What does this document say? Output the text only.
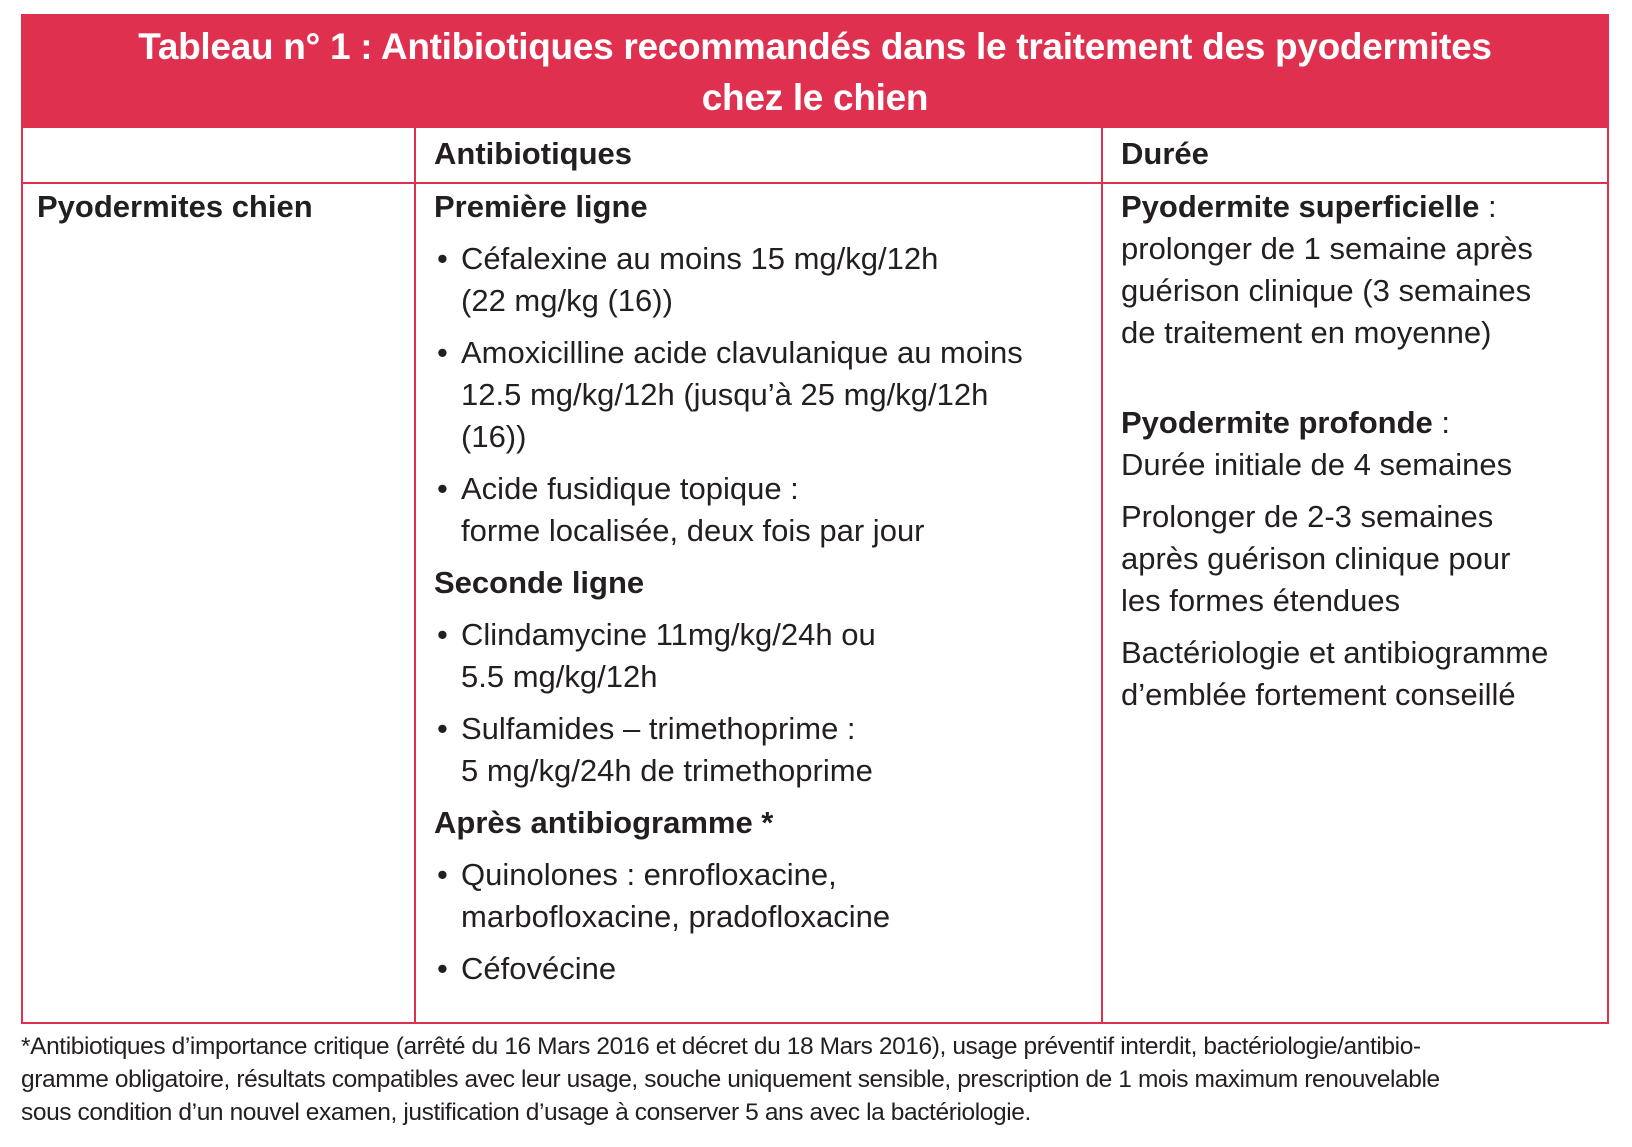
Tableau n° 1 : Antibiotiques recommandés dans le traitement des pyodermites
chez le chien
Antibiotiques	Durée
Pyodermites chien	Première ligne

• Céfalexine au moins 15 mg/kg/12h
(22 mg/kg (16))
• Amoxicilline acide clavulanique au moins
12.5 mg/kg/12h (jusqu’à 25 mg/kg/12h
(16))
• Acide fusidique topique :
forme localisée, deux fois par jour

Seconde ligne

• Clindamycine 11mg/kg/24h ou
5.5 mg/kg/12h
• Sulfamides – trimethoprime :
5 mg/kg/24h de trimethoprime

Après antibiogramme *

• Quinolones : enrofloxacine,
marbofloxacine, pradofloxacine
• Céfovécine

Pyodermite superficielle :

prolonger de 1 semaine après

guérison clinique (3 semaines

de traitement en moyenne)

Pyodermite profonde :

Durée initiale de 4 semaines

Prolonger de 2-3 semaines

après guérison clinique pour

les formes étendues

Bactériologie et antibiogramme

d’emblée fortement conseillé

*Antibiotiques d’importance critique (arrêté du 16 Mars 2016 et décret du 18 Mars 2016), usage préventif interdit, bactériologie/antibio-
gramme obligatoire, résultats compatibles avec leur usage, souche uniquement sensible, prescription de 1 mois maximum renouvelable
sous condition d’un nouvel examen, justification d’usage à conserver 5 ans avec la bactériologie.
